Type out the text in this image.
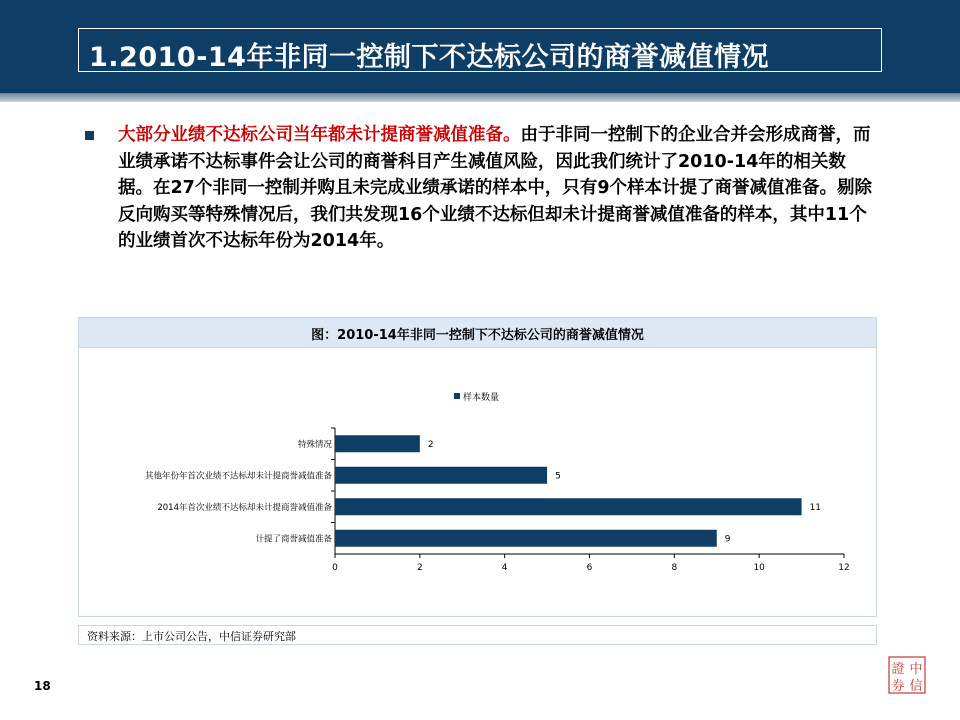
1.2010-14年非同一控制下不达标公司的商誉减值情况
大部分业绩不达标公司当年都未计提商誉减值准备。由于非同一控制下的企业合并会形成商誉，而业绩承诺不达标事件会让公司的商誉科目产生减值风险，因此我们统计了2010-14年的相关数据。在27个非同一控制并购且未完成业绩承诺的样本中，只有9个样本计提了商誉减值准备。剔除反向购买等特殊情况后，我们共发现16个业绩不达标但却未计提商誉减值准备的样本，其中11个的业绩首次不达标年份为2014年。
图：2010-14年非同一控制下不达标公司的商誉减值情况
样本数量
0	2	4	6	8	10	12
特殊情况	2
其他年份年首次业绩不达标却未计提商誉减值准备	5
2014年首次业绩不达标却未计提商誉减值准备	11
计提了商誉减值准备	9
资料来源：上市公司公告，中信证券研究部
18
證 中
券 信
